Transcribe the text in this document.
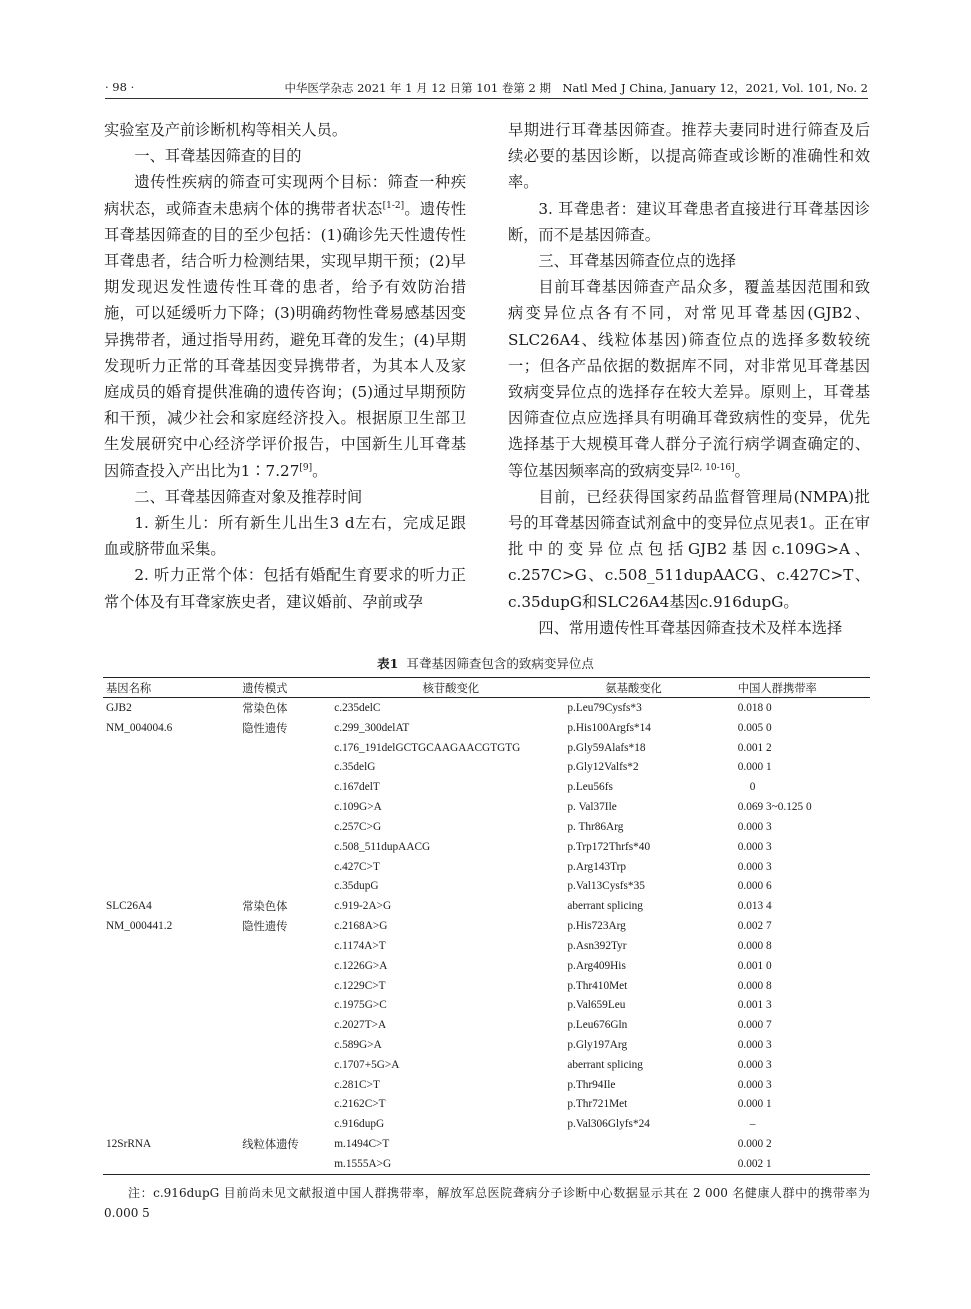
· 98 ·	中华医学杂志 2021 年 1 月 12 日第 101 卷第 2 期　Natl Med J China, January 12，2021, Vol. 101, No. 2

实验室及产前诊断机构等相关人员。

一、耳聋基因筛查的目的

遗传性疾病的筛查可实现两个目标：筛查一种疾病状态，或筛查未患病个体的携带者状态[1-2]。遗传性耳聋基因筛查的目的至少包括：(1)确诊先天性遗传性耳聋患者，结合听力检测结果，实现早期干预；(2)早期发现迟发性遗传性耳聋的患者，给予有效防治措施，可以延缓听力下降；(3)明确药物性聋易感基因变异携带者，通过指导用药，避免耳聋的发生；(4)早期发现听力正常的耳聋基因变异携带者，为其本人及家庭成员的婚育提供准确的遗传咨询；(5)通过早期预防和干预，减少社会和家庭经济投入。根据原卫生部卫生发展研究中心经济学评价报告，中国新生儿耳聋基因筛查投入产出比为1∶7.27[9]。

二、耳聋基因筛查对象及推荐时间

1. 新生儿：所有新生儿出生3 d左右，完成足跟血或脐带血采集。

2. 听力正常个体：包括有婚配生育要求的听力正常个体及有耳聋家族史者，建议婚前、孕前或孕

早期进行耳聋基因筛查。推荐夫妻同时进行筛查及后续必要的基因诊断，以提高筛查或诊断的准确性和效率。

3. 耳聋患者：建议耳聋患者直接进行耳聋基因诊断，而不是基因筛查。

三、耳聋基因筛查位点的选择

目前耳聋基因筛查产品众多，覆盖基因范围和致病变异位点各有不同，对常见耳聋基因(GJB2、SLC26A4、线粒体基因)筛查位点的选择多数较统一；但各产品依据的数据库不同，对非常见耳聋基因致病变异位点的选择存在较大差异。原则上，耳聋基因筛查位点应选择具有明确耳聋致病性的变异，优先选择基于大规模耳聋人群分子流行病学调查确定的、等位基因频率高的致病变异[2, 10-16]。

目前，已经获得国家药品监督管理局(NMPA)批号的耳聋基因筛查试剂盒中的变异位点见表1。正在审批中的变异位点包括GJB2基因c.109G>A、c.257C>G、c.508_511dupAACG、c.427C>T、c.35dupG和SLC26A4基因c.916dupG。

四、常用遗传性耳聋基因筛查技术及样本选择

表1 耳聋基因筛查包含的致病变异位点
基因名称	遗传模式	核苷酸变化	氨基酸变化	中国人群携带率
GJB2	常染色体	c.235delC	p.Leu79Cysfs*3	0.018 0
NM_004004.6	隐性遗传	c.299_300delAT	p.His100Argfs*14	0.005 0
		c.176_191delGCTGCAAGAACGTGTG	p.Gly59Alafs*18	0.001 2
		c.35delG	p.Gly12Valfs*2	0.000 1
		c.167delT	p.Leu56fs	0
		c.109G>A	p. Val37Ile	0.069 3~0.125 0
		c.257C>G	p. Thr86Arg	0.000 3
		c.508_511dupAACG	p.Trp172Thrfs*40	0.000 3
		c.427C>T	p.Arg143Trp	0.000 3
		c.35dupG	p.Val13Cysfs*35	0.000 6
SLC26A4	常染色体	c.919-2A>G	aberrant splicing	0.013 4
NM_000441.2	隐性遗传	c.2168A>G	p.His723Arg	0.002 7
		c.1174A>T	p.Asn392Tyr	0.000 8
		c.1226G>A	p.Arg409His	0.001 0
		c.1229C>T	p.Thr410Met	0.000 8
		c.1975G>C	p.Val659Leu	0.001 3
		c.2027T>A	p.Leu676Gln	0.000 7
		c.589G>A	p.Gly197Arg	0.000 3
		c.1707+5G>A	aberrant splicing	0.000 3
		c.281C>T	p.Thr94Ile	0.000 3
		c.2162C>T	p.Thr721Met	0.000 1
		c.916dupG	p.Val306Glyfs*24	–
12SrRNA	线粒体遗传	m.1494C>T		0.000 2
		m.1555A>G		0.002 1
注：c.916dupG 目前尚未见文献报道中国人群携带率，解放军总医院聋病分子诊断中心数据显示其在 2 000 名健康人群中的携带率为 0.000 5
